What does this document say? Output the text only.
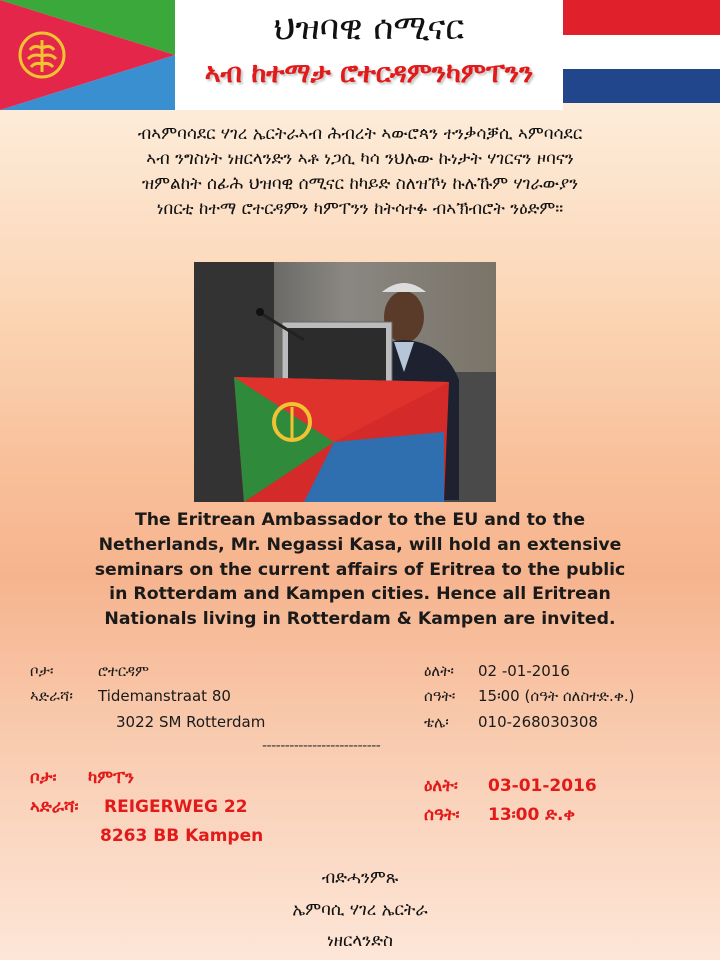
ህዝባዊ ሰሚናር
ኣብ ከተማታ ሮተርዳምንካምፐንን
ብኣምባሳደር ሃገረ ኤርትራኣብ ሕብረት ኣውሮጳን ተንቃሳቓሲ ኣምባሳደር
ኣብ ንግስነት ነዘርላንድን ኣቶ ነጋሲ ካሳ ንህሉው ኩነታት ሃገርናን ዞባናን
ዝምልከት ሰፊሕ ህዝባዊ ሰሚናር ከካይድ ስለዝኾነ ኩሉኹም ሃገራውያን
ነበርቲ ከተማ ሮተርዳምን ካምፐንን ከትሳተፉ ብኣኽብሮት ንዕድም።
The Eritrean Ambassador to the EU and to the
Netherlands, Mr. Negassi Kasa, will hold an extensive
seminars on the current affairs of Eritrea to the public
in Rotterdam and Kampen cities. Hence all Eritrean
Nationals living in Rotterdam & Kampen are invited.
ቦታ፡	ሮተርዳም
ኣድራሻ፡ Tidemanstraat 80
3022 SM Rotterdam
ዕለት፡ 02 -01-2016
ሰዓት፡ 15፡00 (ሰዓት ሰለስተድ.ቀ.)
ቴሌ፡ 010-268030308
--------------------------
ቦታ፡ ካምፐን
ኣድራሻ፡ REIGERWEG 22
8263 BB Kampen
ዕለት፡ 03-01-2016
ሰዓት፡ 13፡00 ድ.ቀ
ብድሓንምጹ
ኤምባሲ ሃገረ ኤርትራ
ነዘርላንድስ
